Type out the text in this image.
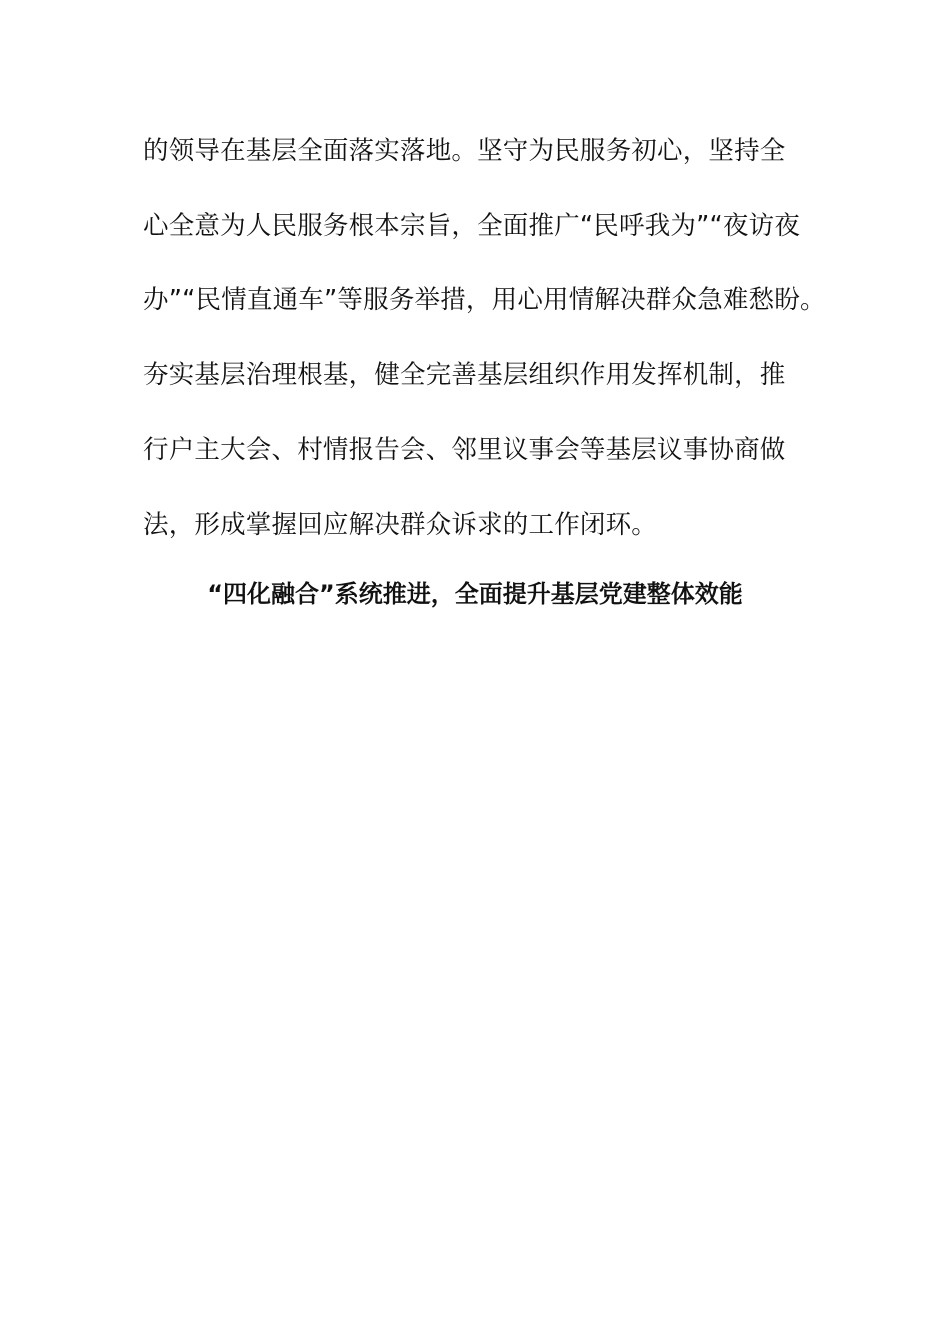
的领导在基层全面落实落地。坚守为民服务初心，坚持全
心全意为人民服务根本宗旨，全面推广“民呼我为”“夜访夜
办”“民情直通车”等服务举措，用心用情解决群众急难愁盼。
夯实基层治理根基，健全完善基层组织作用发挥机制，推
行户主大会、村情报告会、邻里议事会等基层议事协商做
法，形成掌握回应解决群众诉求的工作闭环。
“四化融合”系统推进，全面提升基层党建整体效能
